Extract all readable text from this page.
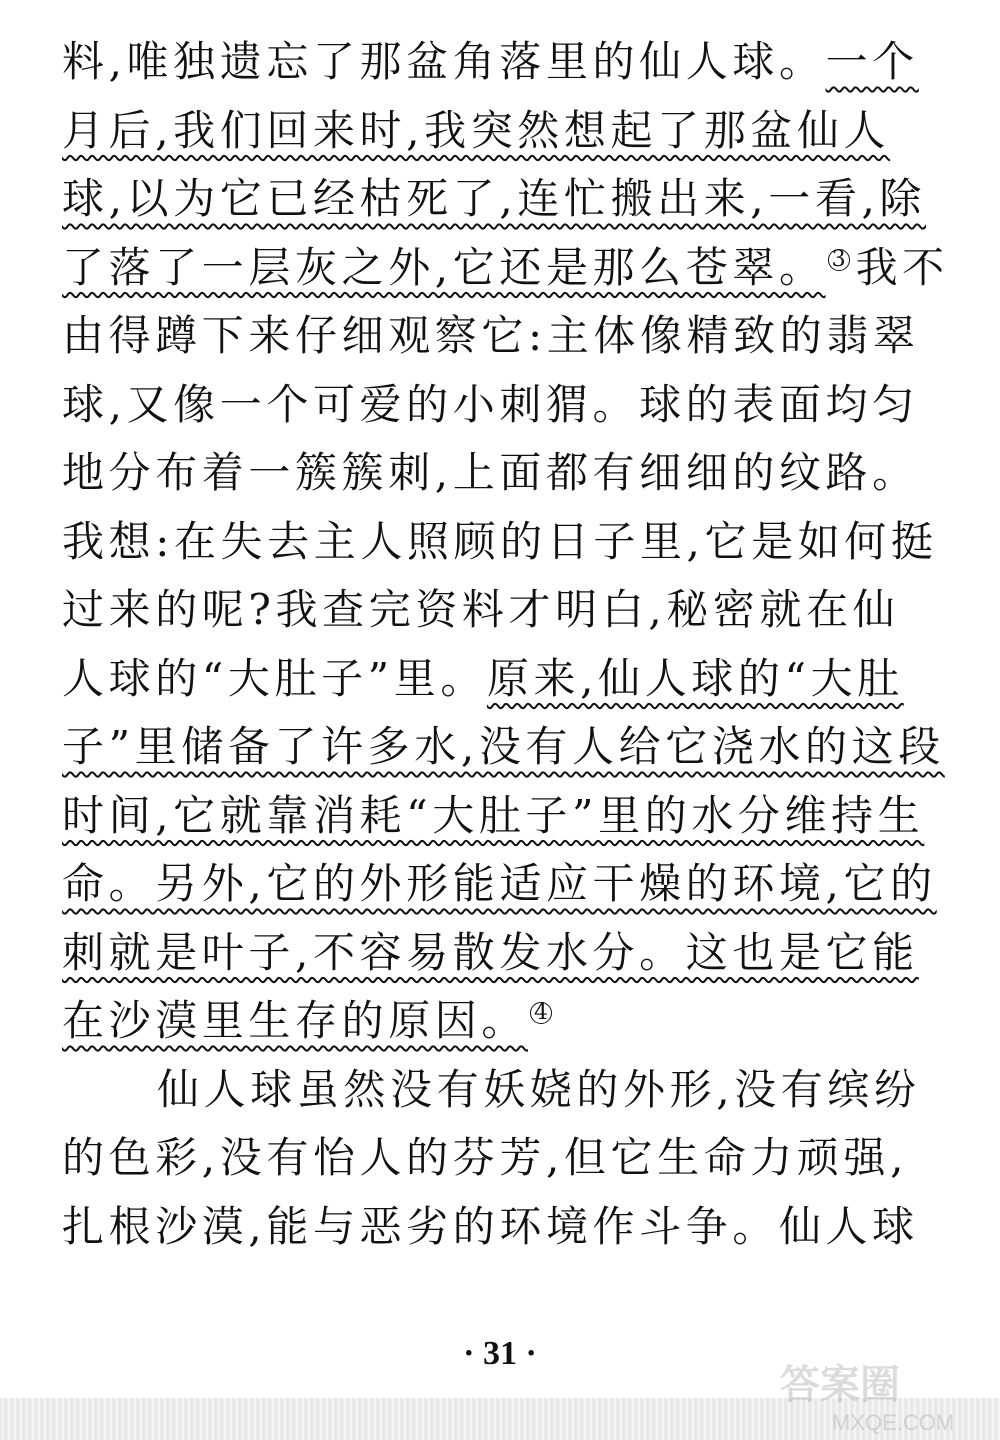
料,唯独遗忘了那盆角落里的仙人球。一个
月后,我们回来时,我突然想起了那盆仙人
球,以为它已经枯死了,连忙搬出来,一看,除
了落了一层灰之外,它还是那么苍翠。 3 我不
由得蹲下来仔细观察它:主体像精致的翡翠
球,又像一个可爱的小刺猬。球的表面均匀
地分布着一簇簇刺,上面都有细细的纹路。
我想:在失去主人照顾的日子里,它是如何挺
过来的呢?我查完资料才明白,秘密就在仙
人球的“大肚子”里。原来,仙人球的“大肚
子”里储备了许多水,没有人给它浇水的这段
时间,它就靠消耗“大肚子”里的水分维持生
命。另外,它的外形能适应干燥的环境,它的
刺就是叶子,不容易散发水分。这也是它能
在沙漠里生存的原因。 4
仙人球虽然没有妖娆的外形,没有缤纷
的色彩,没有怡人的芬芳,但它生命力顽强,
扎根沙漠,能与恶劣的环境作斗争。仙人球
· 31 ·
答案圈
MXQE.COM
